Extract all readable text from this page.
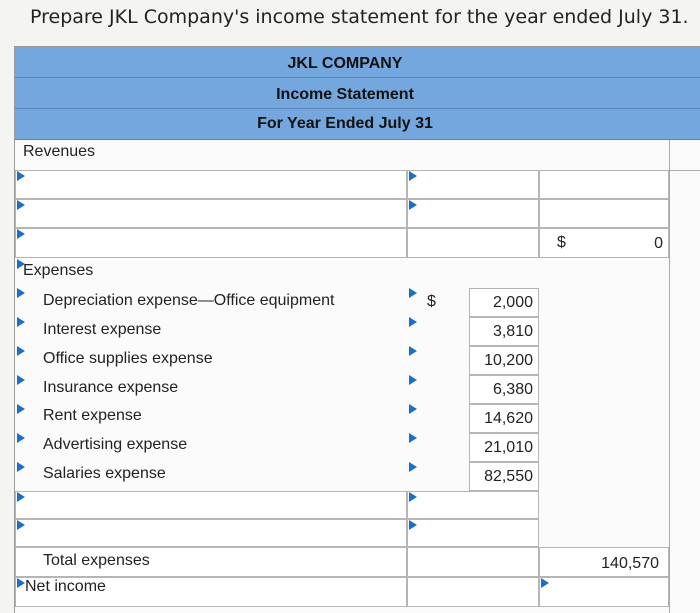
Prepare JKL Company's income statement for the year ended July 31.
JKL COMPANY
Income Statement
For Year Ended July 31
Revenues
$	0
Expenses
Depreciation expense—Office equipment	$	2,000
Interest expense	3,810
Office supplies expense	10,200
Insurance expense	6,380
Rent expense	14,620
Advertising expense	21,010
Salaries expense	82,550
Total expenses	140,570
Net income
